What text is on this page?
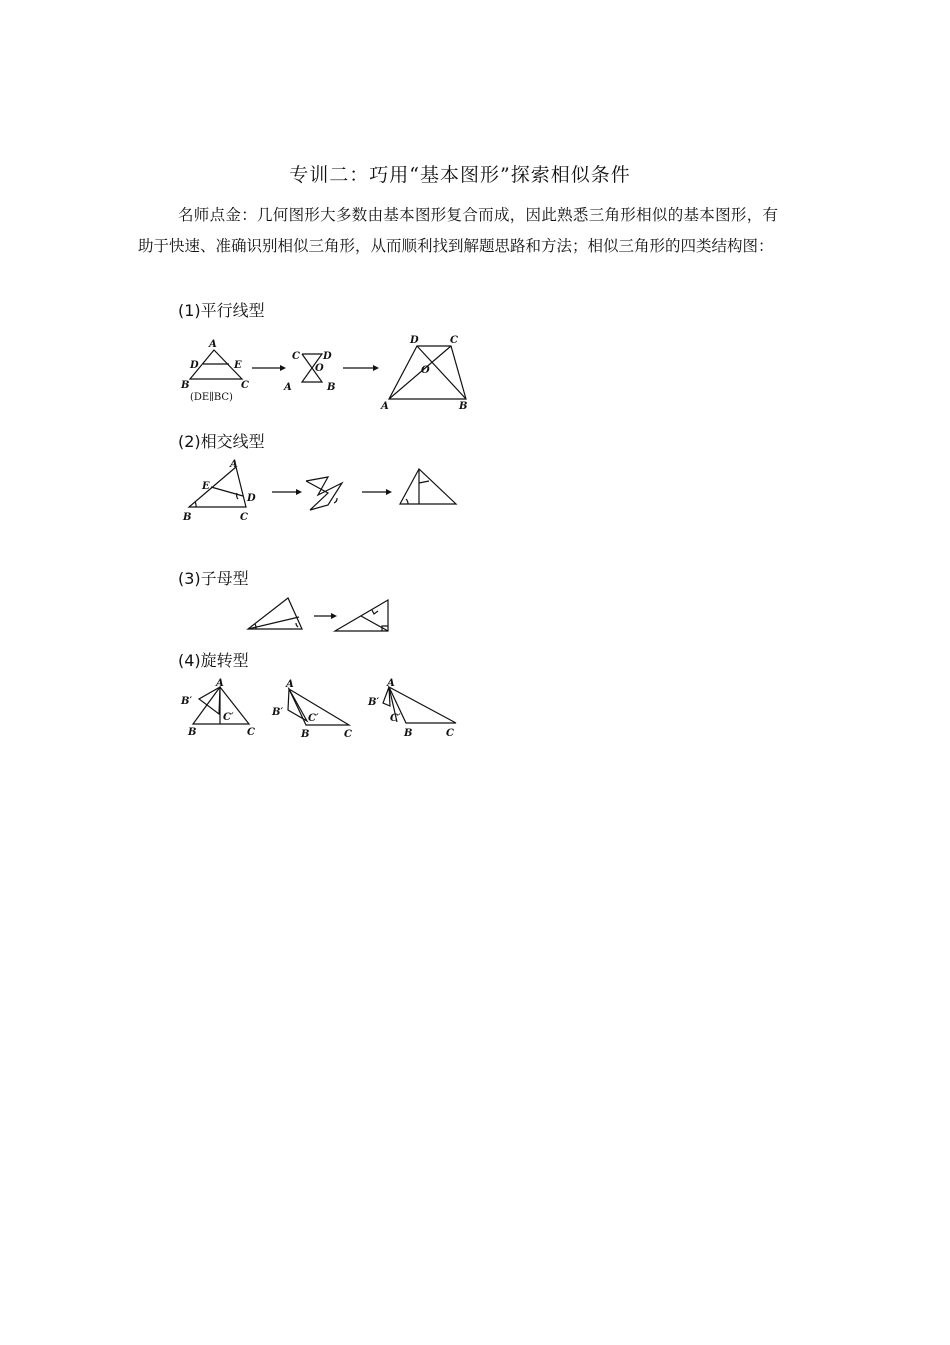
专训二：巧用“基本图形”探索相似条件
名师点金：几何图形大多数由基本图形复合而成，因此熟悉三角形相似的基本图形，有助于快速、准确识别相似三角形，从而顺利找到解题思路和方法；相似三角形的四类结构图：
(1)平行线型
A
D	E
B	C
(DE∥BC)
C D
O
A	B
D	C
O
A	B
(2)相交线型
A
E
D
B	C
(3)子母型
(4)旋转型
A
B′
C′
B	C
A
B′
C′
B	C
A
B′
C′
B	C
